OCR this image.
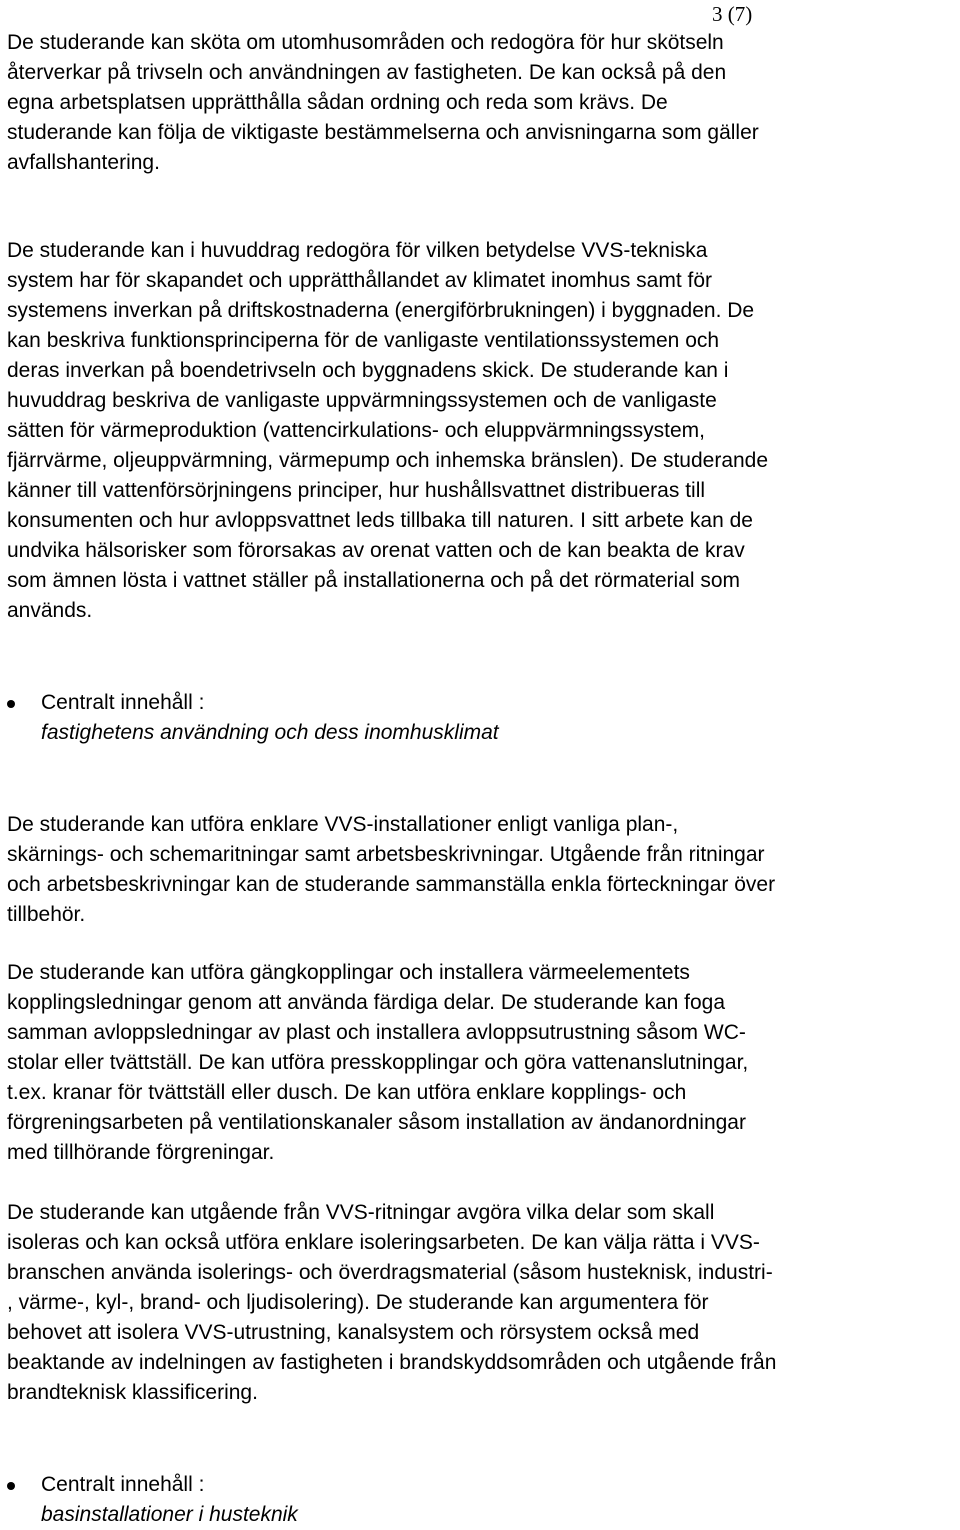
3 (7)
De studerande kan sköta om utomhusområden och redogöra för hur skötseln
återverkar på trivseln och användningen av fastigheten. De kan också på den
egna arbetsplatsen upprätthålla sådan ordning och reda som krävs. De
studerande kan följa de viktigaste bestämmelserna och anvisningarna som gäller
avfallshantering.
De studerande kan i huvuddrag redogöra för vilken betydelse VVS-tekniska
system har för skapandet och upprätthållandet av klimatet inomhus samt för
systemens inverkan på driftskostnaderna (energiförbrukningen) i byggnaden. De
kan beskriva funktionsprinciperna för de vanligaste ventilationssystemen och
deras inverkan på boendetrivseln och byggnadens skick. De studerande kan i
huvuddrag beskriva de vanligaste uppvärmningssystemen och de vanligaste
sätten för värmeproduktion (vattencirkulations- och eluppvärmningssystem,
fjärrvärme, oljeuppvärmning, värmepump och inhemska bränslen). De studerande
känner till vattenförsörjningens principer, hur hushållsvattnet distribueras till
konsumenten och hur avloppsvattnet leds tillbaka till naturen. I sitt arbete kan de
undvika hälsorisker som förorsakas av orenat vatten och de kan beakta de krav
som ämnen lösta i vattnet ställer på installationerna och på det rörmaterial som
används.
Centralt innehåll :
fastighetens användning och dess inomhusklimat
De studerande kan utföra enklare VVS-installationer enligt vanliga plan-,
skärnings- och schemaritningar samt arbetsbeskrivningar. Utgående från ritningar
och arbetsbeskrivningar kan de studerande sammanställa enkla förteckningar över
tillbehör.
De studerande kan utföra gängkopplingar och installera värmeelementets
kopplingsledningar genom att använda färdiga delar. De studerande kan foga
samman avloppsledningar av plast och installera avloppsutrustning såsom WC-
stolar eller tvättställ. De kan utföra presskopplingar och göra vattenanslutningar,
t.ex. kranar för tvättställ eller dusch. De kan utföra enklare kopplings- och
förgreningsarbeten på ventilationskanaler såsom installation av ändanordningar
med tillhörande förgreningar.
De studerande kan utgående från VVS-ritningar avgöra vilka delar som skall
isoleras och kan också utföra enklare isoleringsarbeten. De kan välja rätta i VVS-
branschen använda isolerings- och överdragsmaterial (såsom husteknisk, industri-
, värme-, kyl-, brand- och ljudisolering). De studerande kan argumentera för
behovet att isolera VVS-utrustning, kanalsystem och rörsystem också med
beaktande av indelningen av fastigheten i brandskyddsområden och utgående från
brandteknisk klassificering.
Centralt innehåll :
basinstallationer i husteknik
